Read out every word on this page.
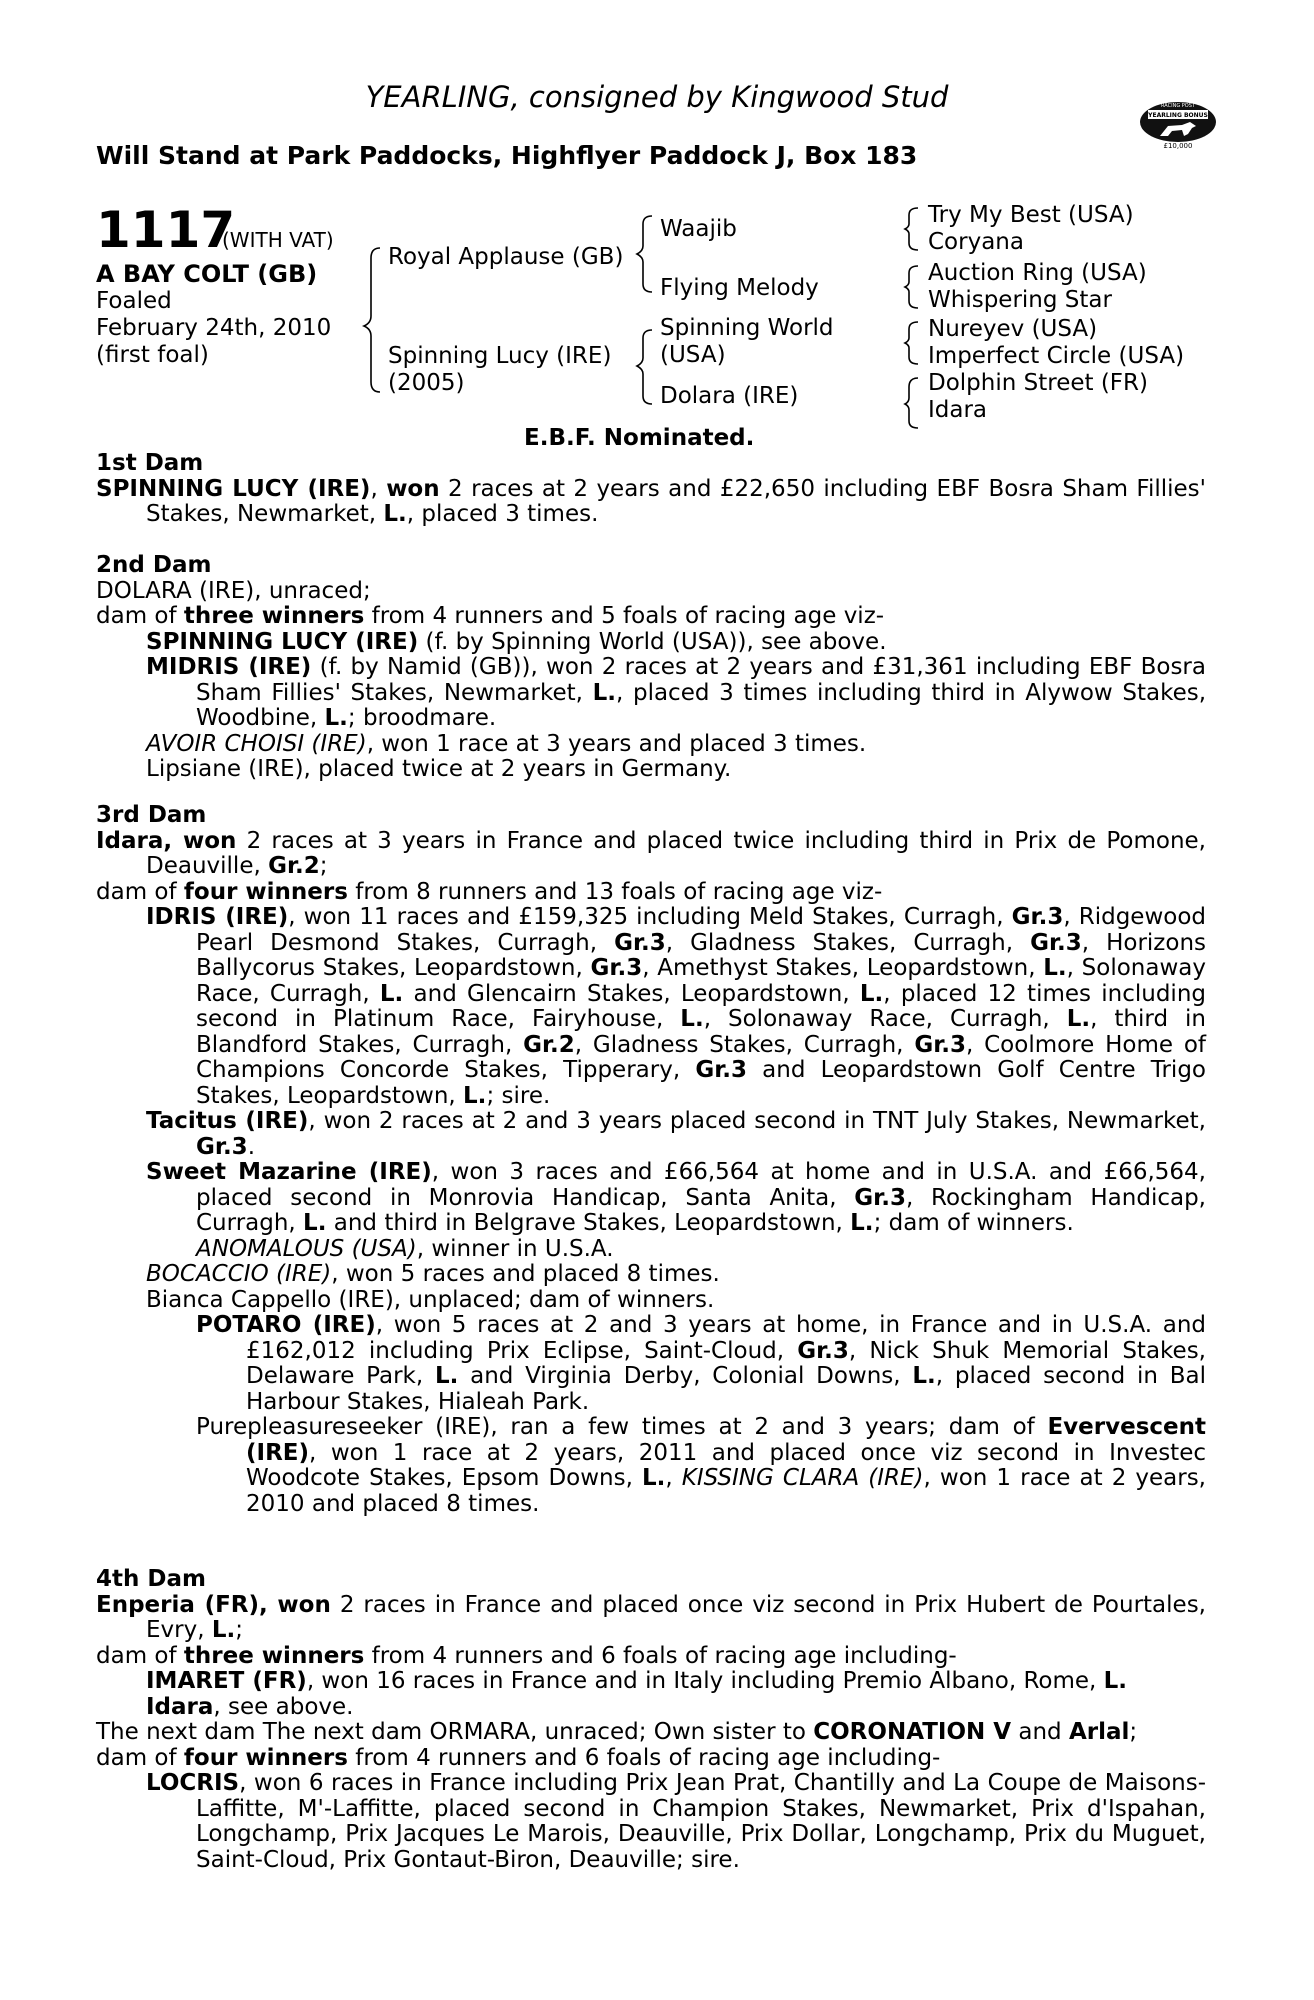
YEARLING, consigned by Kingwood Stud
Will Stand at Park Paddocks, Highflyer Paddock J, Box 183
RACING POST
YEARLING BONUS
£10,000
1117
(WITH VAT)
A BAY COLT (GB)
Foaled
February 24th, 2010
(first foal)
Royal Applause (GB)
Spinning Lucy (IRE)
(2005)
Waajib
Flying Melody
Spinning World
(USA)
Dolara (IRE)
Try My Best (USA)
Coryana
Auction Ring (USA)
Whispering Star
Nureyev (USA)
Imperfect Circle (USA)
Dolphin Street (FR)
Idara
E.B.F. Nominated.
1st Dam
SPINNING LUCY (IRE), won 2 races at 2 years and £22,650 including EBF Bosra Sham Fillies' Stakes, Newmarket, L., placed 3 times.
2nd Dam
DOLARA (IRE), unraced;
dam of three winners from 4 runners and 5 foals of racing age viz-
SPINNING LUCY (IRE) (f. by Spinning World (USA)), see above.
MIDRIS (IRE) (f. by Namid (GB)), won 2 races at 2 years and £31,361 including EBF Bosra Sham Fillies' Stakes, Newmarket, L., placed 3 times including third in Alywow Stakes, Woodbine, L.; broodmare.
AVOIR CHOISI (IRE), won 1 race at 3 years and placed 3 times.
Lipsiane (IRE), placed twice at 2 years in Germany.
3rd Dam
Idara, won 2 races at 3 years in France and placed twice including third in Prix de Pomone, Deauville, Gr.2;
dam of four winners from 8 runners and 13 foals of racing age viz-
IDRIS (IRE), won 11 races and £159,325 including Meld Stakes, Curragh, Gr.3, Ridgewood Pearl Desmond Stakes, Curragh, Gr.3, Gladness Stakes, Curragh, Gr.3, Horizons Ballycorus Stakes, Leopardstown, Gr.3, Amethyst Stakes, Leopardstown, L., Solonaway Race, Curragh, L. and Glencairn Stakes, Leopardstown, L., placed 12 times including second in Platinum Race, Fairyhouse, L., Solonaway Race, Curragh, L., third in Blandford Stakes, Curragh, Gr.2, Gladness Stakes, Curragh, Gr.3, Coolmore Home of Champions Concorde Stakes, Tipperary, Gr.3 and Leopardstown Golf Centre Trigo Stakes, Leopardstown, L.; sire.
Tacitus (IRE), won 2 races at 2 and 3 years placed second in TNT July Stakes, Newmarket, Gr.3.
Sweet Mazarine (IRE), won 3 races and £66,564 at home and in U.S.A. and £66,564, placed second in Monrovia Handicap, Santa Anita, Gr.3, Rockingham Handicap, Curragh, L. and third in Belgrave Stakes, Leopardstown, L.; dam of winners.
ANOMALOUS (USA), winner in U.S.A.
BOCACCIO (IRE), won 5 races and placed 8 times.
Bianca Cappello (IRE), unplaced; dam of winners.
POTARO (IRE), won 5 races at 2 and 3 years at home, in France and in U.S.A. and £162,012 including Prix Eclipse, Saint-Cloud, Gr.3, Nick Shuk Memorial Stakes, Delaware Park, L. and Virginia Derby, Colonial Downs, L., placed second in Bal Harbour Stakes, Hialeah Park.
Purepleasureseeker (IRE), ran a few times at 2 and 3 years; dam of Evervescent (IRE), won 1 race at 2 years, 2011 and placed once viz second in Investec Woodcote Stakes, Epsom Downs, L., KISSING CLARA (IRE), won 1 race at 2 years, 2010 and placed 8 times.
4th Dam
Enperia (FR), won 2 races in France and placed once viz second in Prix Hubert de Pourtales, Evry, L.;
dam of three winners from 4 runners and 6 foals of racing age including-
IMARET (FR), won 16 races in France and in Italy including Premio Albano, Rome, L.
Idara, see above.
The next dam The next dam ORMARA, unraced; Own sister to CORONATION V and Arlal;
dam of four winners from 4 runners and 6 foals of racing age including-
LOCRIS, won 6 races in France including Prix Jean Prat, Chantilly and La Coupe de Maisons-Laffitte, M'-Laffitte, placed second in Champion Stakes, Newmarket, Prix d'Ispahan, Longchamp, Prix Jacques Le Marois, Deauville, Prix Dollar, Longchamp, Prix du Muguet, Saint-Cloud, Prix Gontaut-Biron, Deauville; sire.
